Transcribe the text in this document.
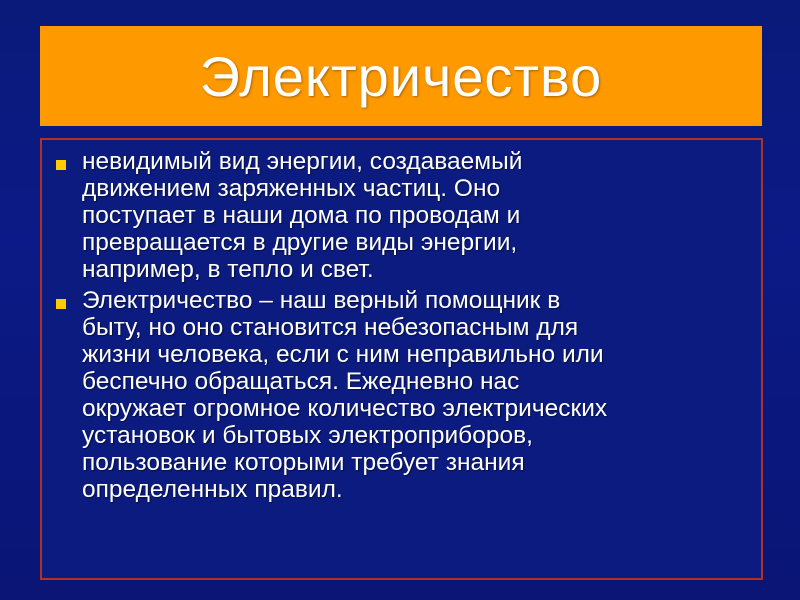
Электричество
невидимый вид энергии, создаваемый
движением заряженных частиц. Оно
поступает в наши дома по проводам и
превращается в другие виды энергии,
например, в тепло и свет.
Электричество – наш верный помощник в
быту, но оно становится небезопасным для
жизни человека, если с ним неправильно или
беспечно обращаться. Ежедневно нас
окружает огромное количество электрических
установок и бытовых электроприборов,
пользование которыми требует знания
определенных правил.
